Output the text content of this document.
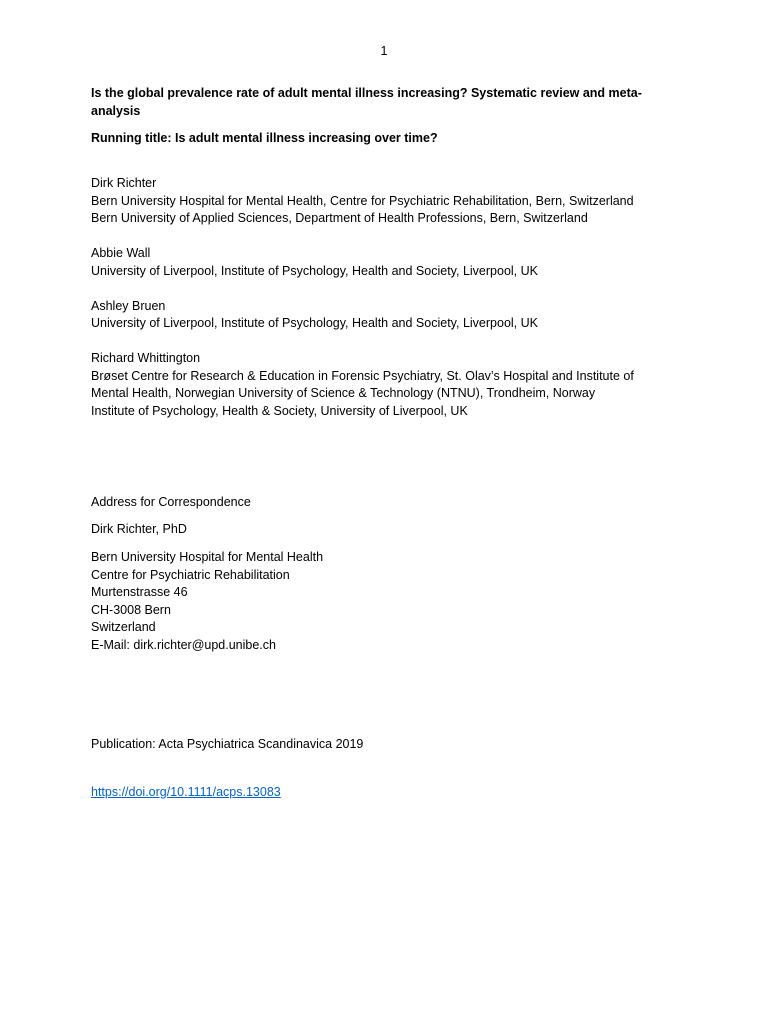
1
Is the global prevalence rate of adult mental illness increasing? Systematic review and meta-analysis
Running title: Is adult mental illness increasing over time?
Dirk Richter
Bern University Hospital for Mental Health, Centre for Psychiatric Rehabilitation, Bern, Switzerland
Bern University of Applied Sciences, Department of Health Professions, Bern, Switzerland
Abbie Wall
University of Liverpool, Institute of Psychology, Health and Society, Liverpool, UK
Ashley Bruen
University of Liverpool, Institute of Psychology, Health and Society, Liverpool, UK
Richard Whittington
Brøset Centre for Research & Education in Forensic Psychiatry, St. Olav’s Hospital and Institute of
Mental Health, Norwegian University of Science & Technology (NTNU), Trondheim, Norway
Institute of Psychology, Health & Society, University of Liverpool, UK
Address for Correspondence
Dirk Richter, PhD
Bern University Hospital for Mental Health
Centre for Psychiatric Rehabilitation
Murtenstrasse 46
CH-3008 Bern
Switzerland
E-Mail: dirk.richter@upd.unibe.ch
Publication: Acta Psychiatrica Scandinavica 2019
https://doi.org/10.1111/acps.13083
